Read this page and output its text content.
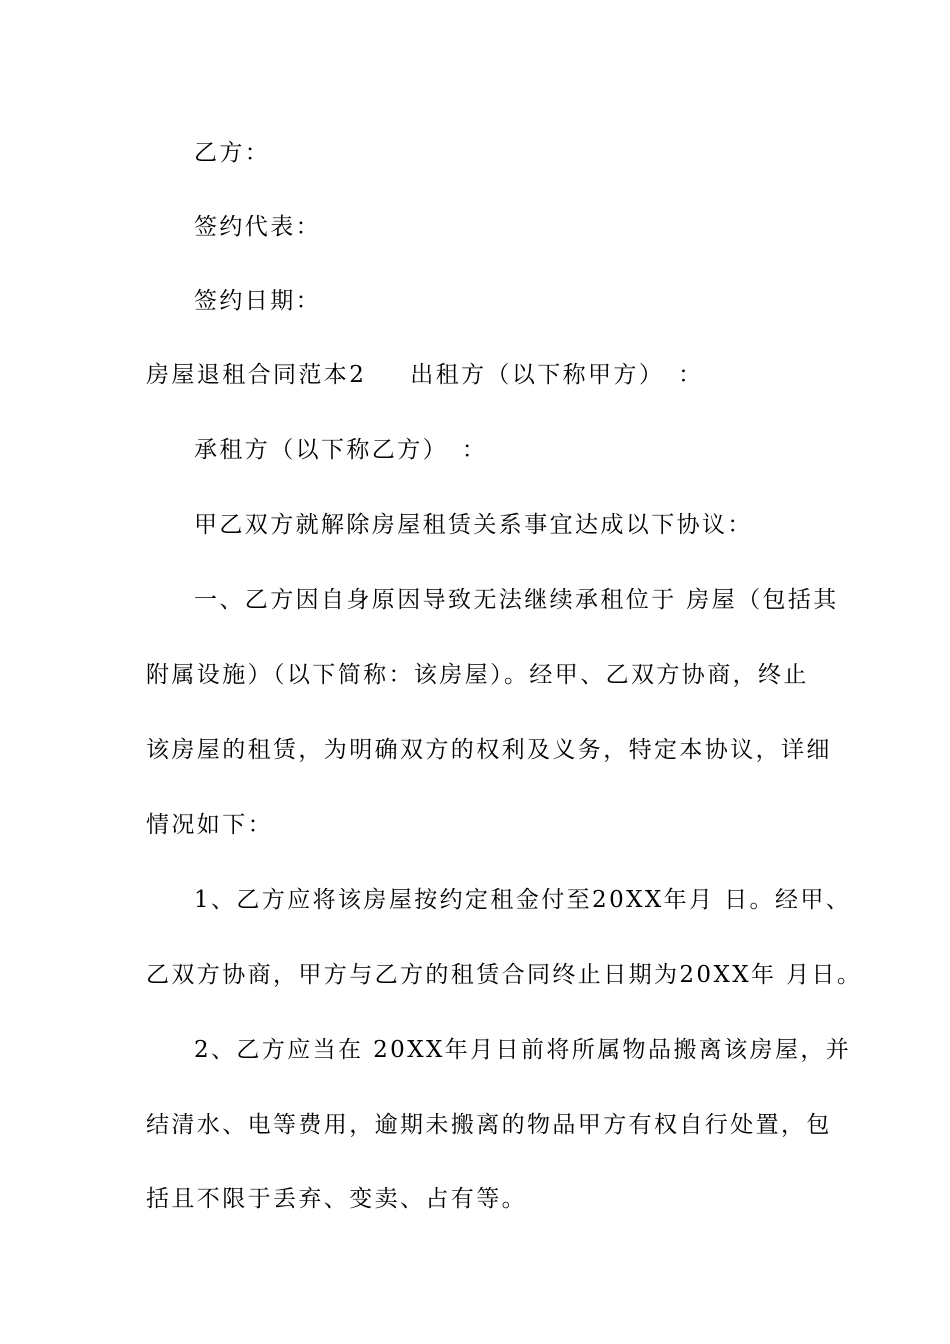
乙方：
签约代表：
签约日期：
房屋退租合同范本2 出租方（以下称甲方）　：
承租方（以下称乙方）　：
甲乙双方就解除房屋租赁关系事宜达成以下协议：
一、乙方因自身原因导致无法继续承租位于 房屋（包括其
附属设施）（以下简称：该房屋）。经甲、乙双方协商，终止
该房屋的租赁，为明确双方的权利及义务，特定本协议，详细
情况如下：
1、乙方应将该房屋按约定租金付至20XX年月 日。经甲、
乙双方协商，甲方与乙方的租赁合同终止日期为20XX年 月日。
2、乙方应当在 20XX年月日前将所属物品搬离该房屋，并
结清水、电等费用，逾期未搬离的物品甲方有权自行处置，包
括且不限于丢弃、变卖、占有等。
